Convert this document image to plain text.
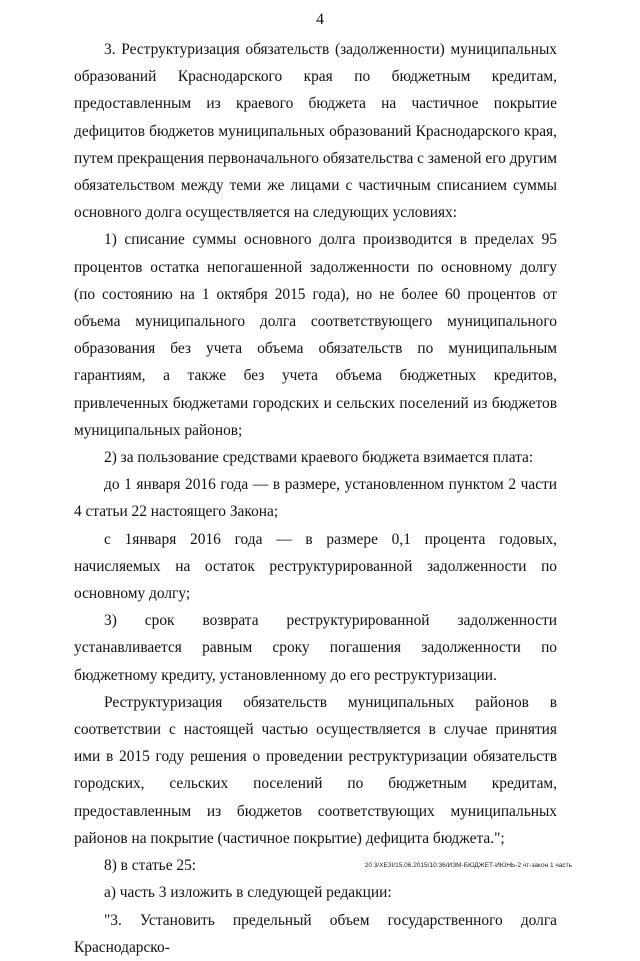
4

3. Реструктуризация обязательств (задолженности) муниципальных образований Краснодарского края по бюджетным кредитам, предоставленным из краевого бюджета на частичное покрытие дефицитов бюджетов муниципальных образований Краснодарского края, путем прекращения первоначального обязательства с заменой его другим обязательством между теми же лицами с частичным списанием суммы основного долга осуществляется на следующих условиях:

1) списание суммы основного долга производится в пределах 95 процентов остатка непогашенной задолженности по основному долгу (по состоянию на 1 октября 2015 года), но не более 60 процентов от объема муниципального долга соответствующего муниципального образования без учета объема обязательств по муниципальным гарантиям, а также без учета объема бюджетных кредитов, привлеченных бюджетами городских и сельских поселений из бюджетов муниципальных районов;

2) за пользование средствами краевого бюджета взимается плата:

до 1 января 2016 года — в размере, установленном пунктом 2 части 4 статьи 22 настоящего Закона;

с 1января 2016 года — в размере 0,1 процента годовых, начисляемых на остаток реструктурированной задолженности по основному долгу;

3) срок возврата реструктурированной задолженности устанавливается равным сроку погашения задолженности по бюджетному кредиту, установленному до его реструктуризации.

Реструктуризация обязательств муниципальных районов в соответствии с настоящей частью осуществляется в случае принятия ими в 2015 году решения о проведении реструктуризации обязательств городских, сельских поселений по бюджетным кредитам, предоставленным из бюджетов соответствующих муниципальных районов на покрытие (частичное покрытие) дефицита бюджета.";

8) в статье 25:

а) часть 3 изложить в следующей редакции:

"3. Установить предельный объем государственного долга Краснодарско-

20 3/XE3I/15.06.2015/10:36/ИЗМ-БЮДЖЕТ-ИЮНЬ-2 чт-закон 1 часть
